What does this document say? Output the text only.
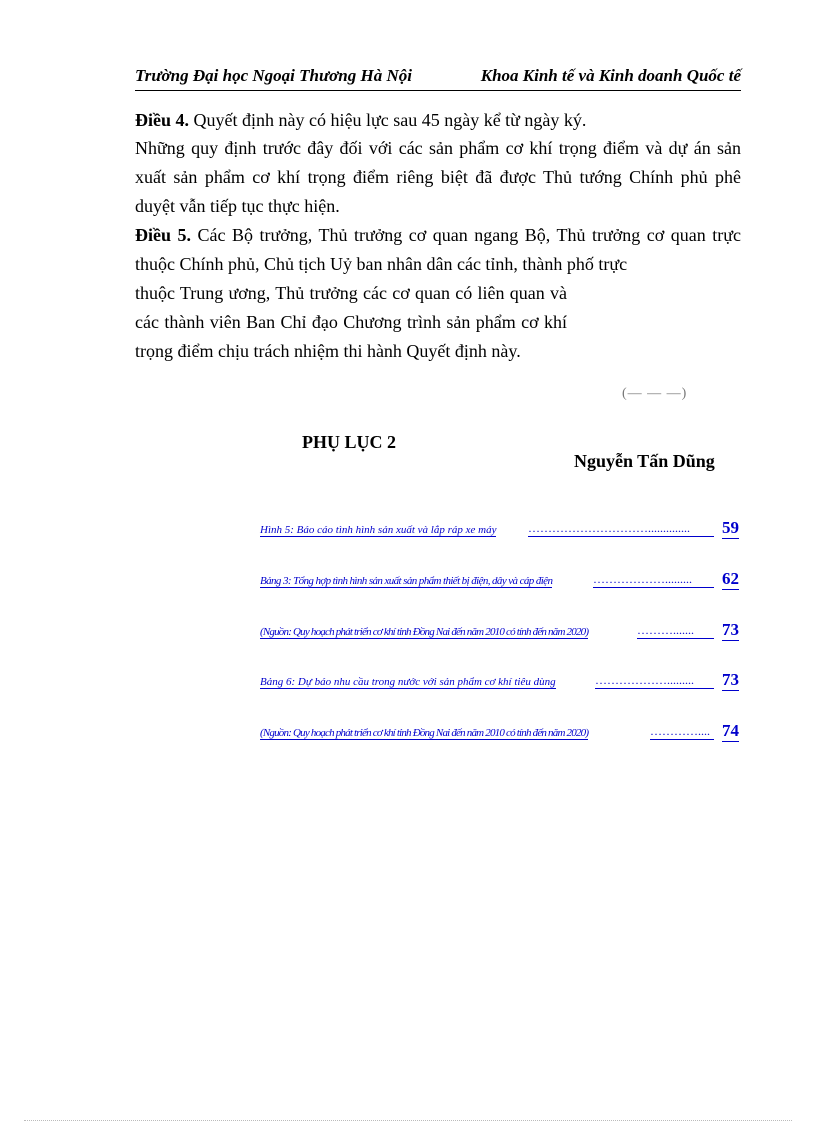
Trường Đại học Ngoại Thương Hà Nội	Khoa Kinh tế và Kinh doanh Quốc tế
Điều 4. Quyết định này có hiệu lực sau 45 ngày kể từ ngày ký.
Những quy định trước đây đối với các sản phẩm cơ khí trọng điểm và dự án sản xuất sản phẩm cơ khí trọng điểm riêng biệt đã được Thủ tướng Chính phủ phê duyệt vẫn tiếp tục thực hiện.
Điều 5. Các Bộ trưởng, Thủ trưởng cơ quan ngang Bộ, Thủ trưởng cơ quan trực thuộc Chính phủ, Chủ tịch Uỷ ban nhân dân các tỉnh, thành phố trực
thuộc Trung ương, Thủ trưởng các cơ quan có liên quan và các thành viên Ban Chỉ đạo Chương trình sản phẩm cơ khí trọng điểm chịu trách nhiệm thi hành Quyết định này.
(— — —)
PHỤ LỤC 2
Nguyễn Tấn Dũng
Hình 5: Báo cáo tình hình sản xuất và lắp ráp xe máy	…………………………..............	59
Bảng 3: Tổng hợp tình hình sản xuất sản phẩm thiết bị điện, dây và cáp điện	……………….........	62
(Nguồn: Quy hoạch phát triển cơ khí tỉnh Đồng Nai đến năm 2010 có tính đến năm 2020)	……….......	73
Bảng 6: Dự báo nhu cầu trong nước với sản phẩm cơ khí tiêu dùng	……………….........	73
(Nguồn: Quy hoạch phát triển cơ khí tỉnh Đồng Nai đến năm 2010 có tính đến năm 2020)	………….... 74
